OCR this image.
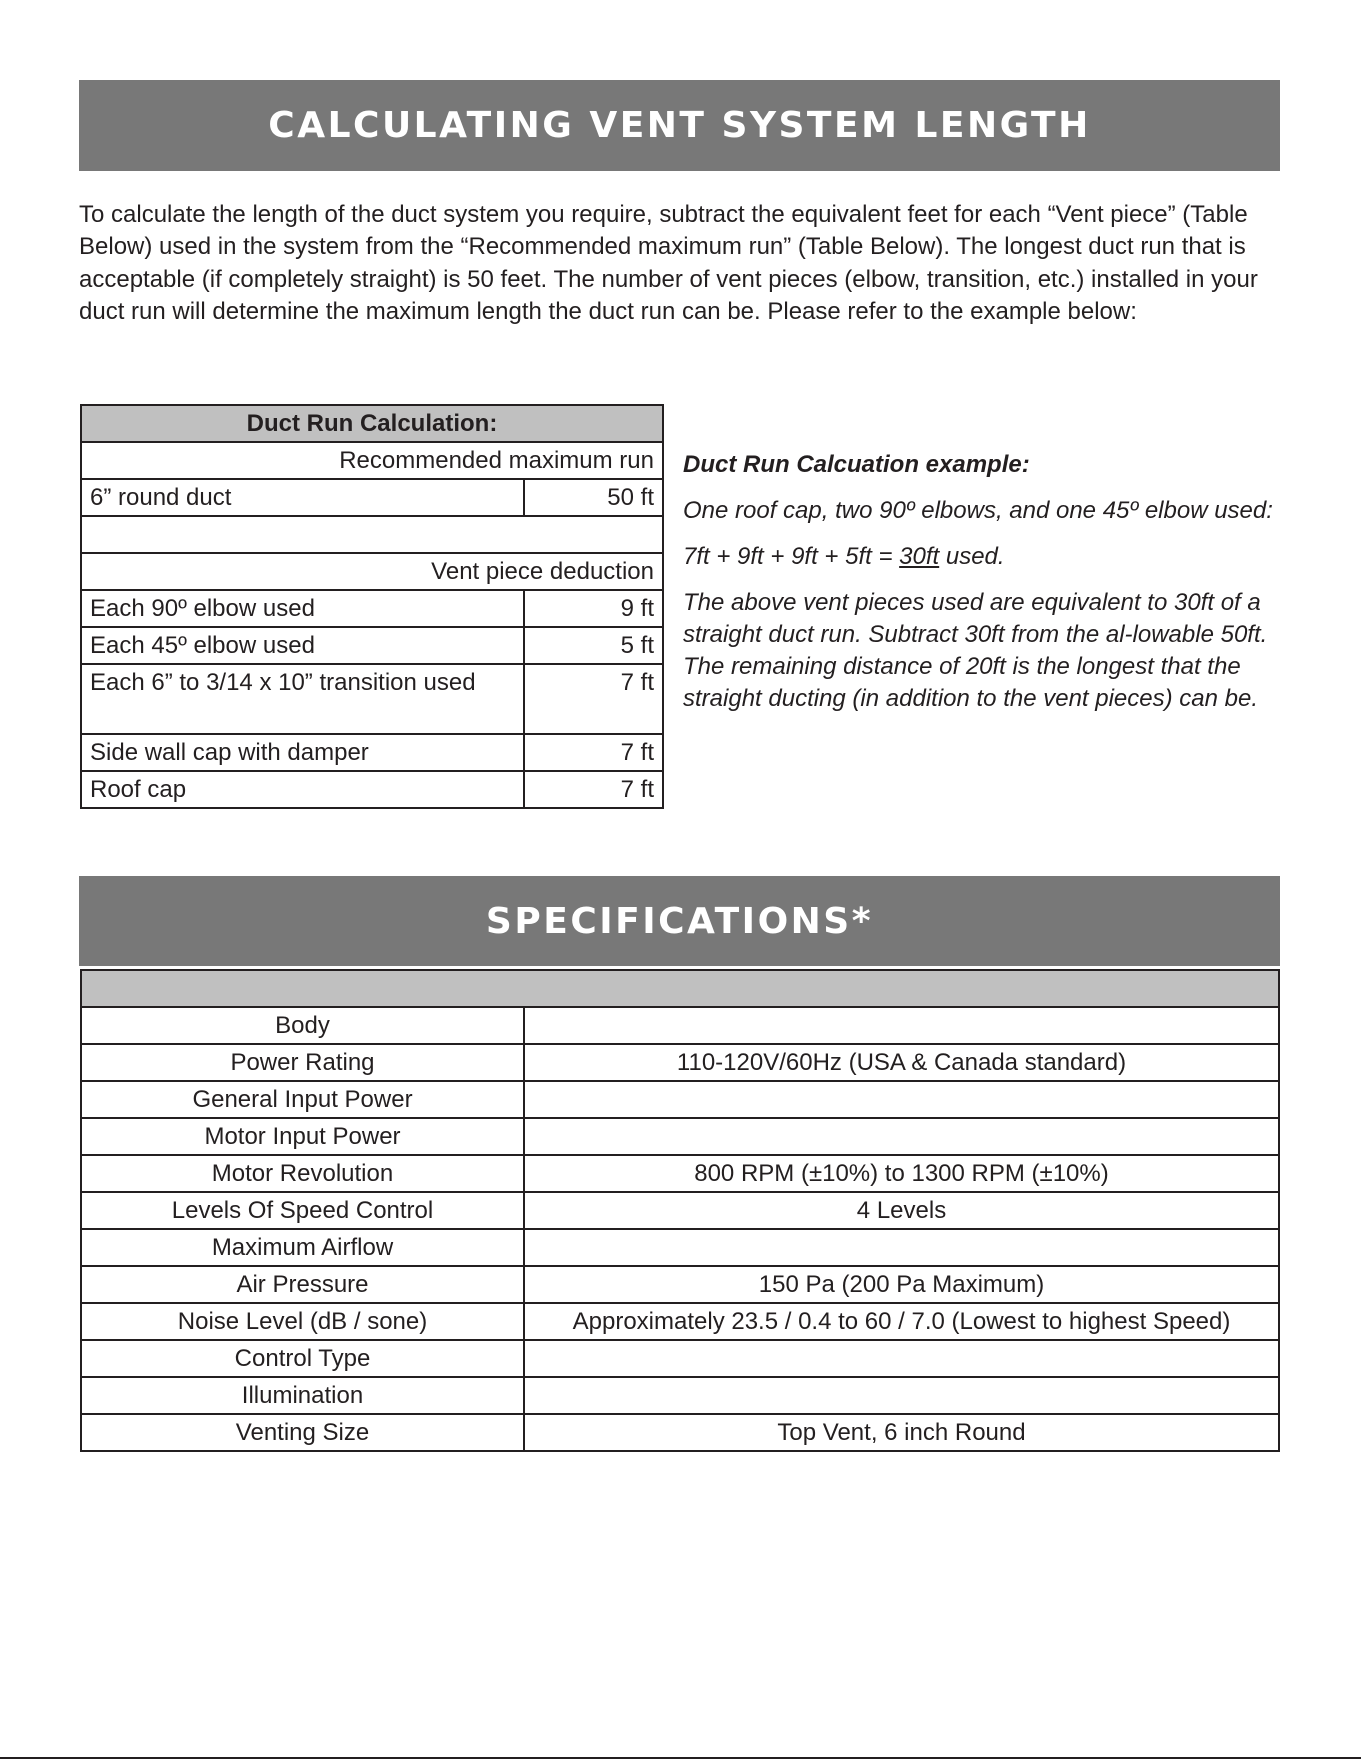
CALCULATING VENT SYSTEM LENGTH

To calculate the length of the duct system you require, subtract the equivalent feet for each “Vent piece” (Table Below) used in the system from the “Recommended maximum run” (Table Below). The longest duct run that is acceptable (if completely straight) is 50 feet. The number of vent pieces (elbow, transition, etc.) installed in your duct run will determine the maximum length the duct run can be. Please refer to the example below:

Duct Run Calculation:	
Recommended maximum run	
6” round duct	50 ft

Vent piece deduction	
Each 90º elbow used	9 ft
Each 45º elbow used	5 ft
Each 6” to 3/14 x 10” transition used	7 ft
Side wall cap with damper	7 ft
Roof cap	7 ft

Duct Run Calcuation example:

One roof cap, two 90º elbows, and one 45º elbow used:

7ft + 9ft + 9ft + 5ft = 30ft used.

The above vent pieces used are equivalent to 30ft of a straight duct run. Subtract 30ft from the al-lowable 50ft. The remaining distance of 20ft is the longest that the straight ducting (in addition to the vent pieces) can be.

SPECIFICATIONS*

Body	
Power Rating	110-120V/60Hz (USA & Canada standard)
General Input Power	
Motor Input Power	
Motor Revolution	800 RPM (±10%) to 1300 RPM (±10%)
Levels Of Speed Control	4 Levels
Maximum Airflow	
Air Pressure	150 Pa (200 Pa Maximum)
Noise Level (dB / sone)	Approximately 23.5 / 0.4 to 60 / 7.0 (Lowest to highest Speed)
Control Type	
Illumination	
Venting Size	Top Vent, 6 inch Round
